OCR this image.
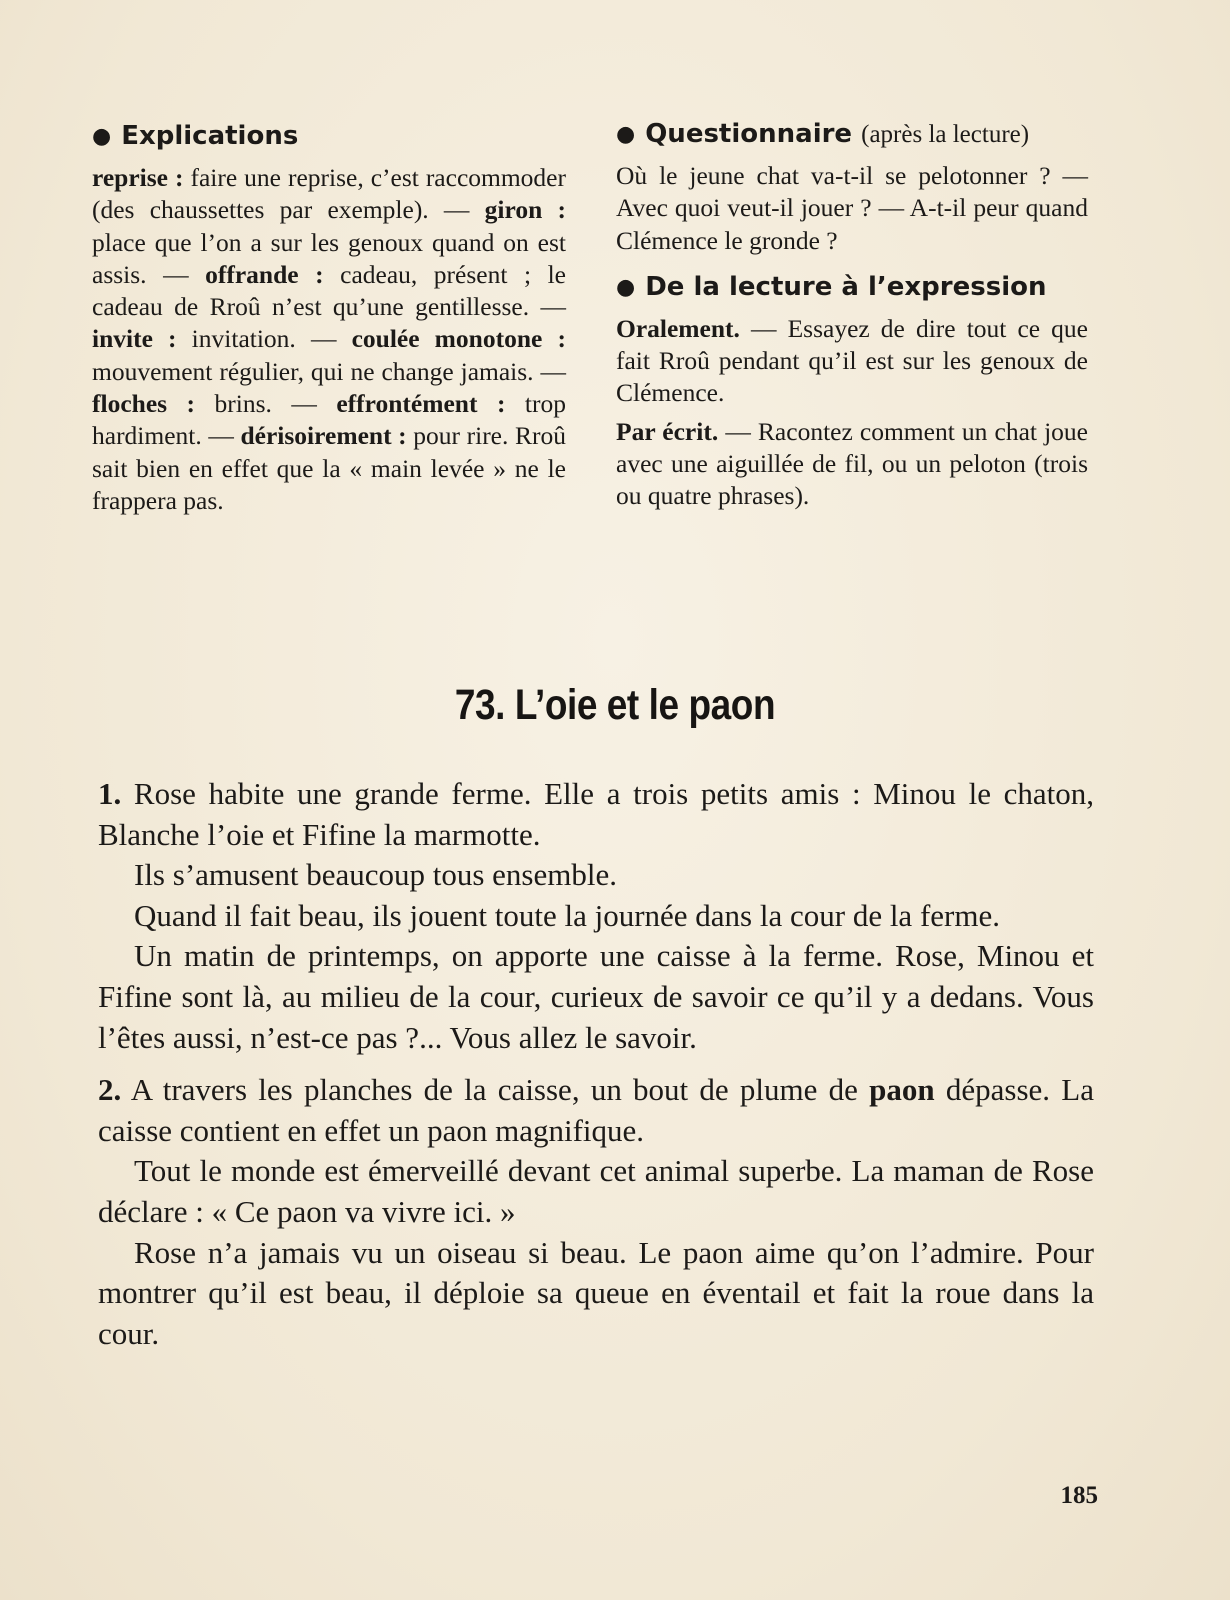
● Explications

reprise : faire une reprise, c’est raccommoder (des chaussettes par exemple). — giron : place que l’on a sur les genoux quand on est assis. — offrande : cadeau, présent ; le cadeau de Rroû n’est qu’une gentillesse. — invite : invitation. — coulée monotone : mouvement régulier, qui ne change jamais. — floches : brins. — effrontément : trop hardiment. — dérisoirement : pour rire. Rroû sait bien en effet que la « main levée » ne le frappera pas.

● Questionnaire (après la lecture)

Où le jeune chat va-t-il se pelotonner ? — Avec quoi veut-il jouer ? — A-t-il peur quand Clémence le gronde ?

● De la lecture à l’expression

Oralement. — Essayez de dire tout ce que fait Rroû pendant qu’il est sur les genoux de Clémence.

Par écrit. — Racontez comment un chat joue avec une aiguillée de fil, ou un peloton (trois ou quatre phrases).

73. L’oie et le paon

1. Rose habite une grande ferme. Elle a trois petits amis : Minou le chaton, Blanche l’oie et Fifine la marmotte.

Ils s’amusent beaucoup tous ensemble.

Quand il fait beau, ils jouent toute la journée dans la cour de la ferme.

Un matin de printemps, on apporte une caisse à la ferme. Rose, Minou et Fifine sont là, au milieu de la cour, curieux de savoir ce qu’il y a dedans. Vous l’êtes aussi, n’est-ce pas ?... Vous allez le savoir.

2. A travers les planches de la caisse, un bout de plume de paon dépasse. La caisse contient en effet un paon magnifique.

Tout le monde est émerveillé devant cet animal superbe. La maman de Rose déclare : « Ce paon va vivre ici. »

Rose n’a jamais vu un oiseau si beau. Le paon aime qu’on l’admire. Pour montrer qu’il est beau, il déploie sa queue en éventail et fait la roue dans la cour.

185
